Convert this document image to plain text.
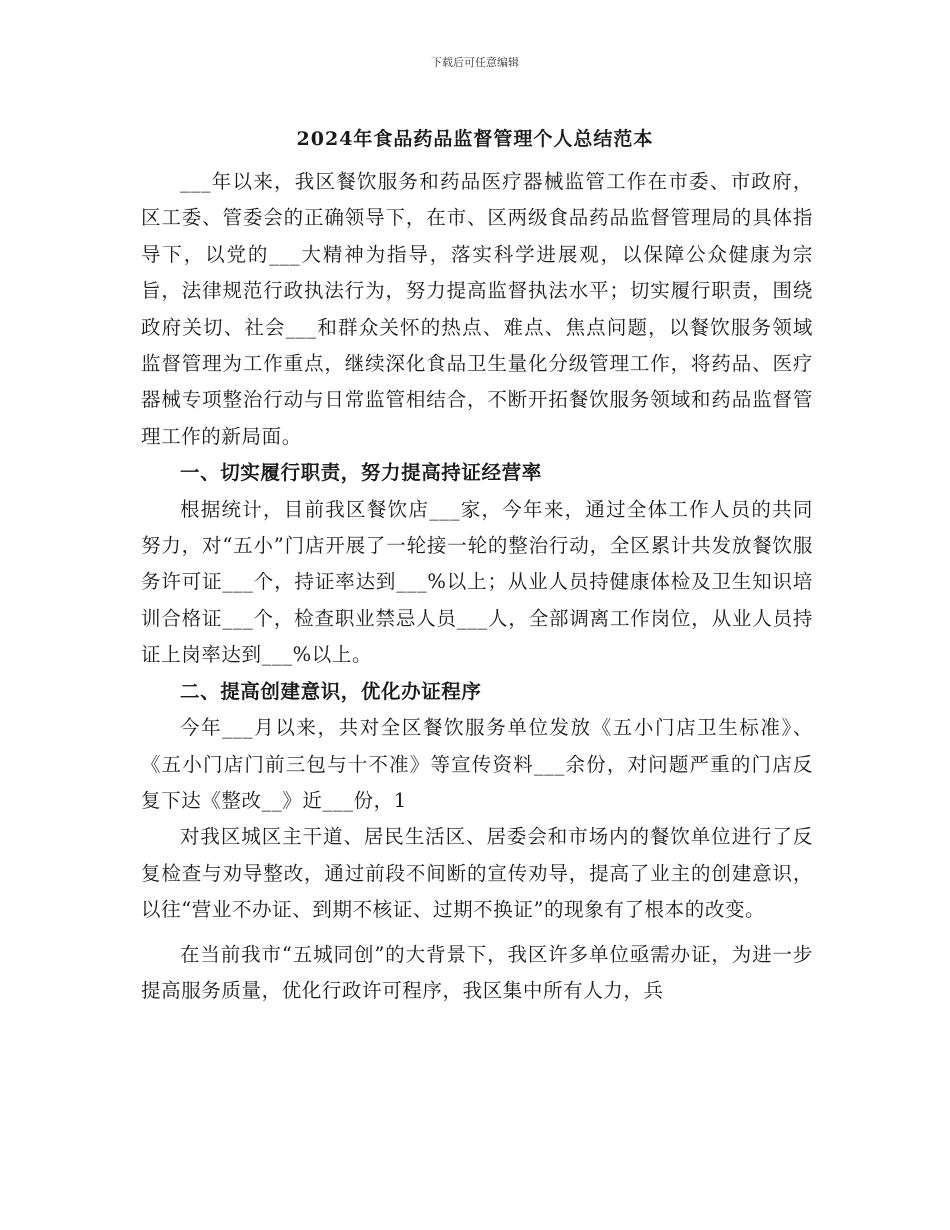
下载后可任意编辑
2024年食品药品监督管理个人总结范本

___年以来，我区餐饮服务和药品医疗器械监管工作在市委、市政府，区工委、管委会的正确领导下，在市、区两级食品药品监督管理局的具体指导下，以党的___大精神为指导，落实科学进展观，以保障公众健康为宗旨，法律规范行政执法行为，努力提高监督执法水平；切实履行职责，围绕政府关切、社会___和群众关怀的热点、难点、焦点问题，以餐饮服务领域监督管理为工作重点，继续深化食品卫生量化分级管理工作，将药品、医疗器械专项整治行动与日常监管相结合，不断开拓餐饮服务领域和药品监督管理工作的新局面。

一、切实履行职责，努力提高持证经营率

根据统计，目前我区餐饮店___家，今年来，通过全体工作人员的共同努力，对“五小”门店开展了一轮接一轮的整治行动，全区累计共发放餐饮服务许可证___个，持证率达到___%以上；从业人员持健康体检及卫生知识培训合格证___个，检查职业禁忌人员___人，全部调离工作岗位，从业人员持证上岗率达到___%以上。

二、提高创建意识，优化办证程序

今年___月以来，共对全区餐饮服务单位发放《五小门店卫生标准》、《五小门店门前三包与十不准》等宣传资料___余份，对问题严重的门店反复下达《整改__》近___份，1

对我区城区主干道、居民生活区、居委会和市场内的餐饮单位进行了反复检查与劝导整改，通过前段不间断的宣传劝导，提高了业主的创建意识，以往“营业不办证、到期不核证、过期不换证”的现象有了根本的改变。

在当前我市“五城同创”的大背景下，我区许多单位亟需办证，为进一步提高服务质量，优化行政许可程序，我区集中所有人力，兵
